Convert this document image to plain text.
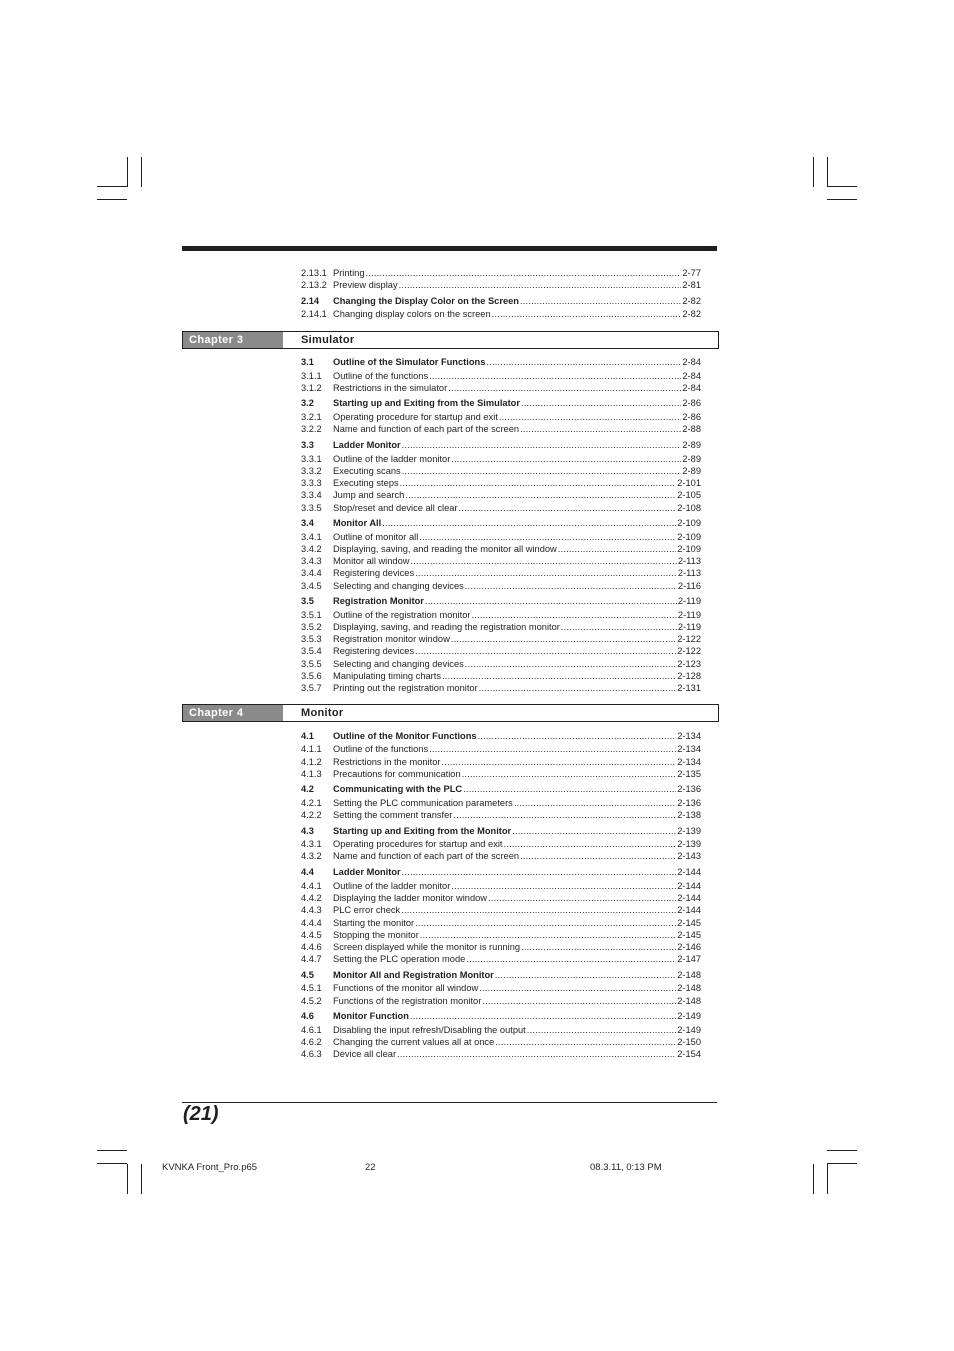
2.13.1 Printing .....	2-77
2.13.2 Preview display .....	2-81
2.14	Changing the Display Color on the Screen .....	2-82
2.14.1 Changing display colors on the screen .....	2-82
Chapter 3	Simulator
3.1	Outline of the Simulator Functions .....	2-84
3.1.1	Outline of the functions .....	2-84
3.1.2	Restrictions in the simulator .....	2-84
3.2	Starting up and Exiting from the Simulator .....	2-86
3.2.1	Operating procedure for startup and exit .....	2-86
3.2.2	Name and function of each part of the screen .....	2-88
3.3	Ladder Monitor .....	2-89
3.3.1	Outline of the ladder monitor .....	2-89
3.3.2	Executing scans .....	2-89
3.3.3	Executing steps .....	2-101
3.3.4	Jump and search .....	2-105
3.3.5	Stop/reset and device all clear .....	2-108
3.4	Monitor All .....	2-109
3.4.1	Outline of monitor all .....	2-109
3.4.2	Displaying, saving, and reading the monitor all window .....	2-109
3.4.3	Monitor all window .....	2-113
3.4.4	Registering devices .....	2-113
3.4.5	Selecting and changing devices .....	2-116
3.5	Registration Monitor .....	2-119
3.5.1	Outline of the registration monitor .....	2-119
3.5.2	Displaying, saving, and reading the registration monitor .....	2-119
3.5.3	Registration monitor window .....	2-122
3.5.4	Registering devices .....	2-122
3.5.5	Selecting and changing devices .....	2-123
3.5.6	Manipulating timing charts .....	2-128
3.5.7	Printing out the registration monitor .....	2-131
Chapter 4	Monitor
4.1	Outline of the Monitor Functions .....	2-134
4.1.1	Outline of the functions .....	2-134
4.1.2	Restrictions in the monitor .....	2-134
4.1.3	Precautions for communication .....	2-135
4.2	Communicating with the PLC .....	2-136
4.2.1	Setting the PLC communication parameters .....	2-136
4.2.2	Setting the comment transfer .....	2-138
4.3	Starting up and Exiting from the Monitor .....	2-139
4.3.1	Operating procedures for startup and exit .....	2-139
4.3.2	Name and function of each part of the screen .....	2-143
4.4	Ladder Monitor .....	2-144
4.4.1	Outline of the ladder monitor .....	2-144
4.4.2	Displaying the ladder monitor window .....	2-144
4.4.3	PLC error check .....	2-144
4.4.4	Starting the monitor .....	2-145
4.4.5	Stopping the monitor .....	2-145
4.4.6	Screen displayed while the monitor is running .....	2-146
4.4.7	Setting the PLC operation mode .....	2-147
4.5	Monitor All and Registration Monitor .....	2-148
4.5.1	Functions of the monitor all window .....	2-148
4.5.2	Functions of the registration monitor .....	2-148
4.6	Monitor Function .....	2-149
4.6.1	Disabling the input refresh/Disabling the output .....	2-149
4.6.2	Changing the current values all at once .....	2-150
4.6.3	Device all clear .....	2-154
(21)
KVNKA Front_Pro.p65	22	08.3.11, 0:13 PM
